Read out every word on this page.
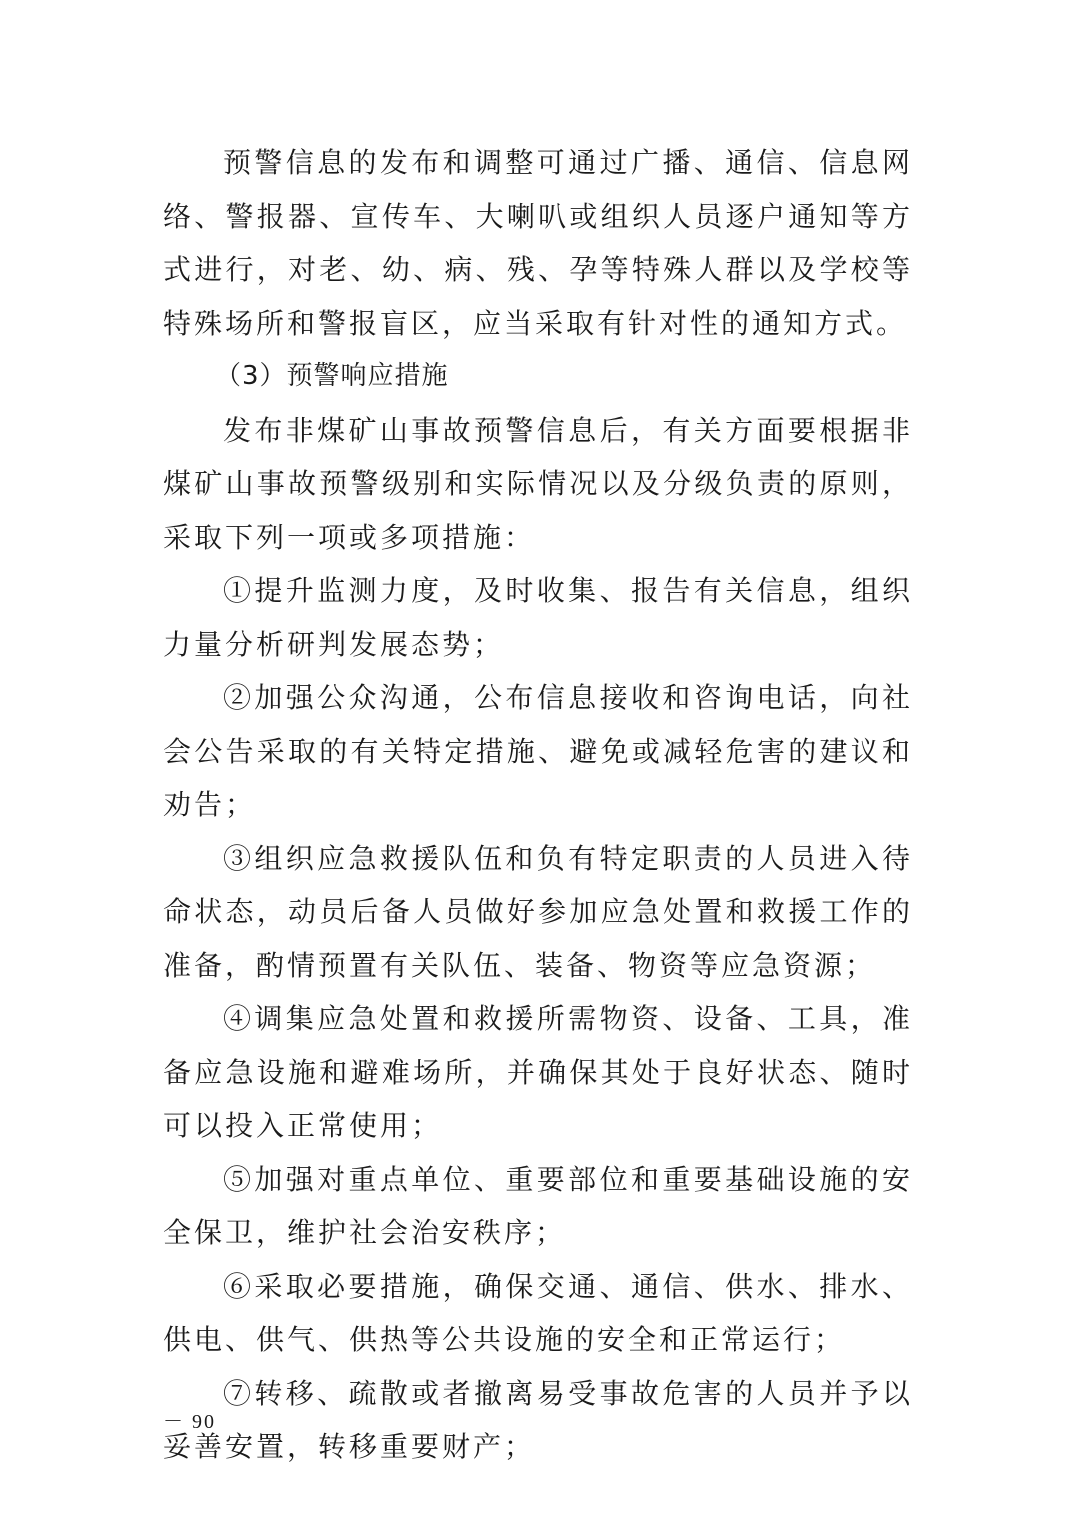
预警信息的发布和调整可通过广播、通信、信息网络、警报器、宣传车、大喇叭或组织人员逐户通知等方式进行，对老、幼、病、残、孕等特殊人群以及学校等特殊场所和警报盲区，应当采取有针对性的通知方式。

（3）预警响应措施

发布非煤矿山事故预警信息后，有关方面要根据非煤矿山事故预警级别和实际情况以及分级负责的原则，采取下列一项或多项措施：

①提升监测力度，及时收集、报告有关信息，组织力量分析研判发展态势；

②加强公众沟通，公布信息接收和咨询电话，向社会公告采取的有关特定措施、避免或减轻危害的建议和劝告；

③组织应急救援队伍和负有特定职责的人员进入待命状态，动员后备人员做好参加应急处置和救援工作的准备，酌情预置有关队伍、装备、物资等应急资源；

④调集应急处置和救援所需物资、设备、工具，准备应急设施和避难场所，并确保其处于良好状态、随时可以投入正常使用；

⑤加强对重点单位、重要部位和重要基础设施的安全保卫，维护社会治安秩序；

⑥采取必要措施，确保交通、通信、供水、排水、供电、供气、供热等公共设施的安全和正常运行；

⑦转移、疏散或者撤离易受事故危害的人员并予以妥善安置，转移重要财产；

－ 90
